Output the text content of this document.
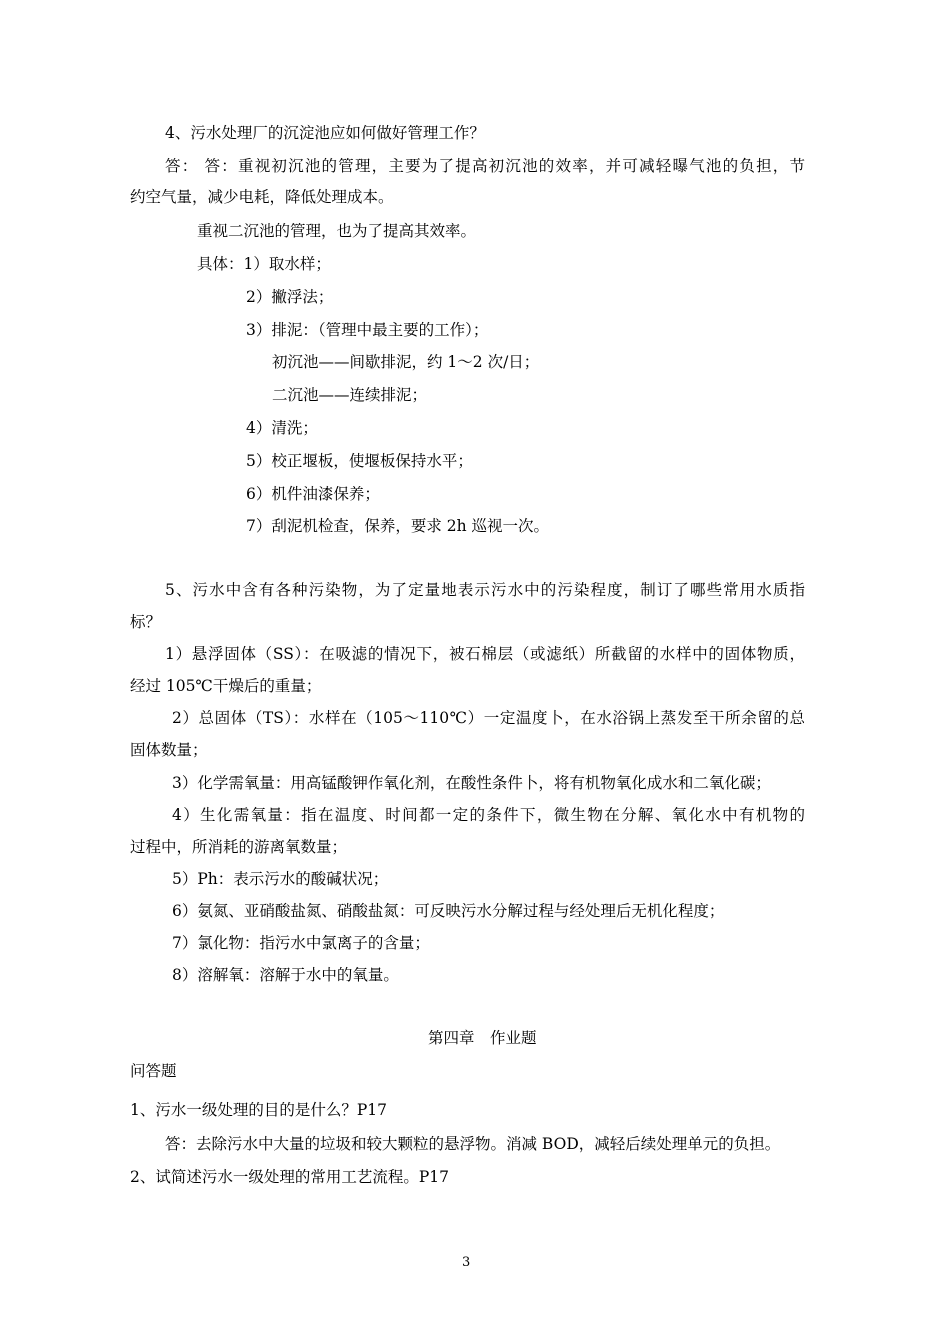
4、污水处理厂的沉淀池应如何做好管理工作？
答： 答：重视初沉池的管理，主要为了提高初沉池的效率，并可减轻曝气池的负担，节
约空气量，减少电耗，降低处理成本。
重视二沉池的管理，也为了提高其效率。
具体：1）取水样；
2）撇浮法；
3）排泥：（管理中最主要的工作）；
初沉池——间歇排泥，约 1～2 次/日；
二沉池——连续排泥；
4）清洗；
5）校正堰板，使堰板保持水平；
6）机件油漆保养；
7）刮泥机检查，保养，要求 2h 巡视一次。
5、污水中含有各种污染物，为了定量地表示污水中的污染程度，制订了哪些常用水质指
标？
1）悬浮固体（SS）：在吸滤的情况下，被石棉层（或滤纸）所截留的水样中的固体物质，
经过 105℃干燥后的重量；
2）总固体（TS）：水样在（105～110℃）一定温度卜，在水浴锅上蒸发至干所余留的总
固体数量；
3）化学需氧量：用高锰酸钾作氧化剂，在酸性条件卜，将有机物氧化成水和二氧化碳；
4）生化需氧量：指在温度、时间都一定的条件下，微生物在分解、氧化水中有机物的
过程中，所消耗的游离氧数量；
5）Ph：表示污水的酸碱状况；
6）氨氮、亚硝酸盐氮、硝酸盐氮：可反映污水分解过程与经处理后无机化程度；
7）氯化物：指污水中氯离子的含量；
8）溶解氧：溶解于水中的氧量。
第四章　作业题
问答题
1、污水一级处理的目的是什么？P17
答：去除污水中大量的垃圾和较大颗粒的悬浮物。消减 BOD，减轻后续处理单元的负担。
2、试简述污水一级处理的常用工艺流程。P17
3
